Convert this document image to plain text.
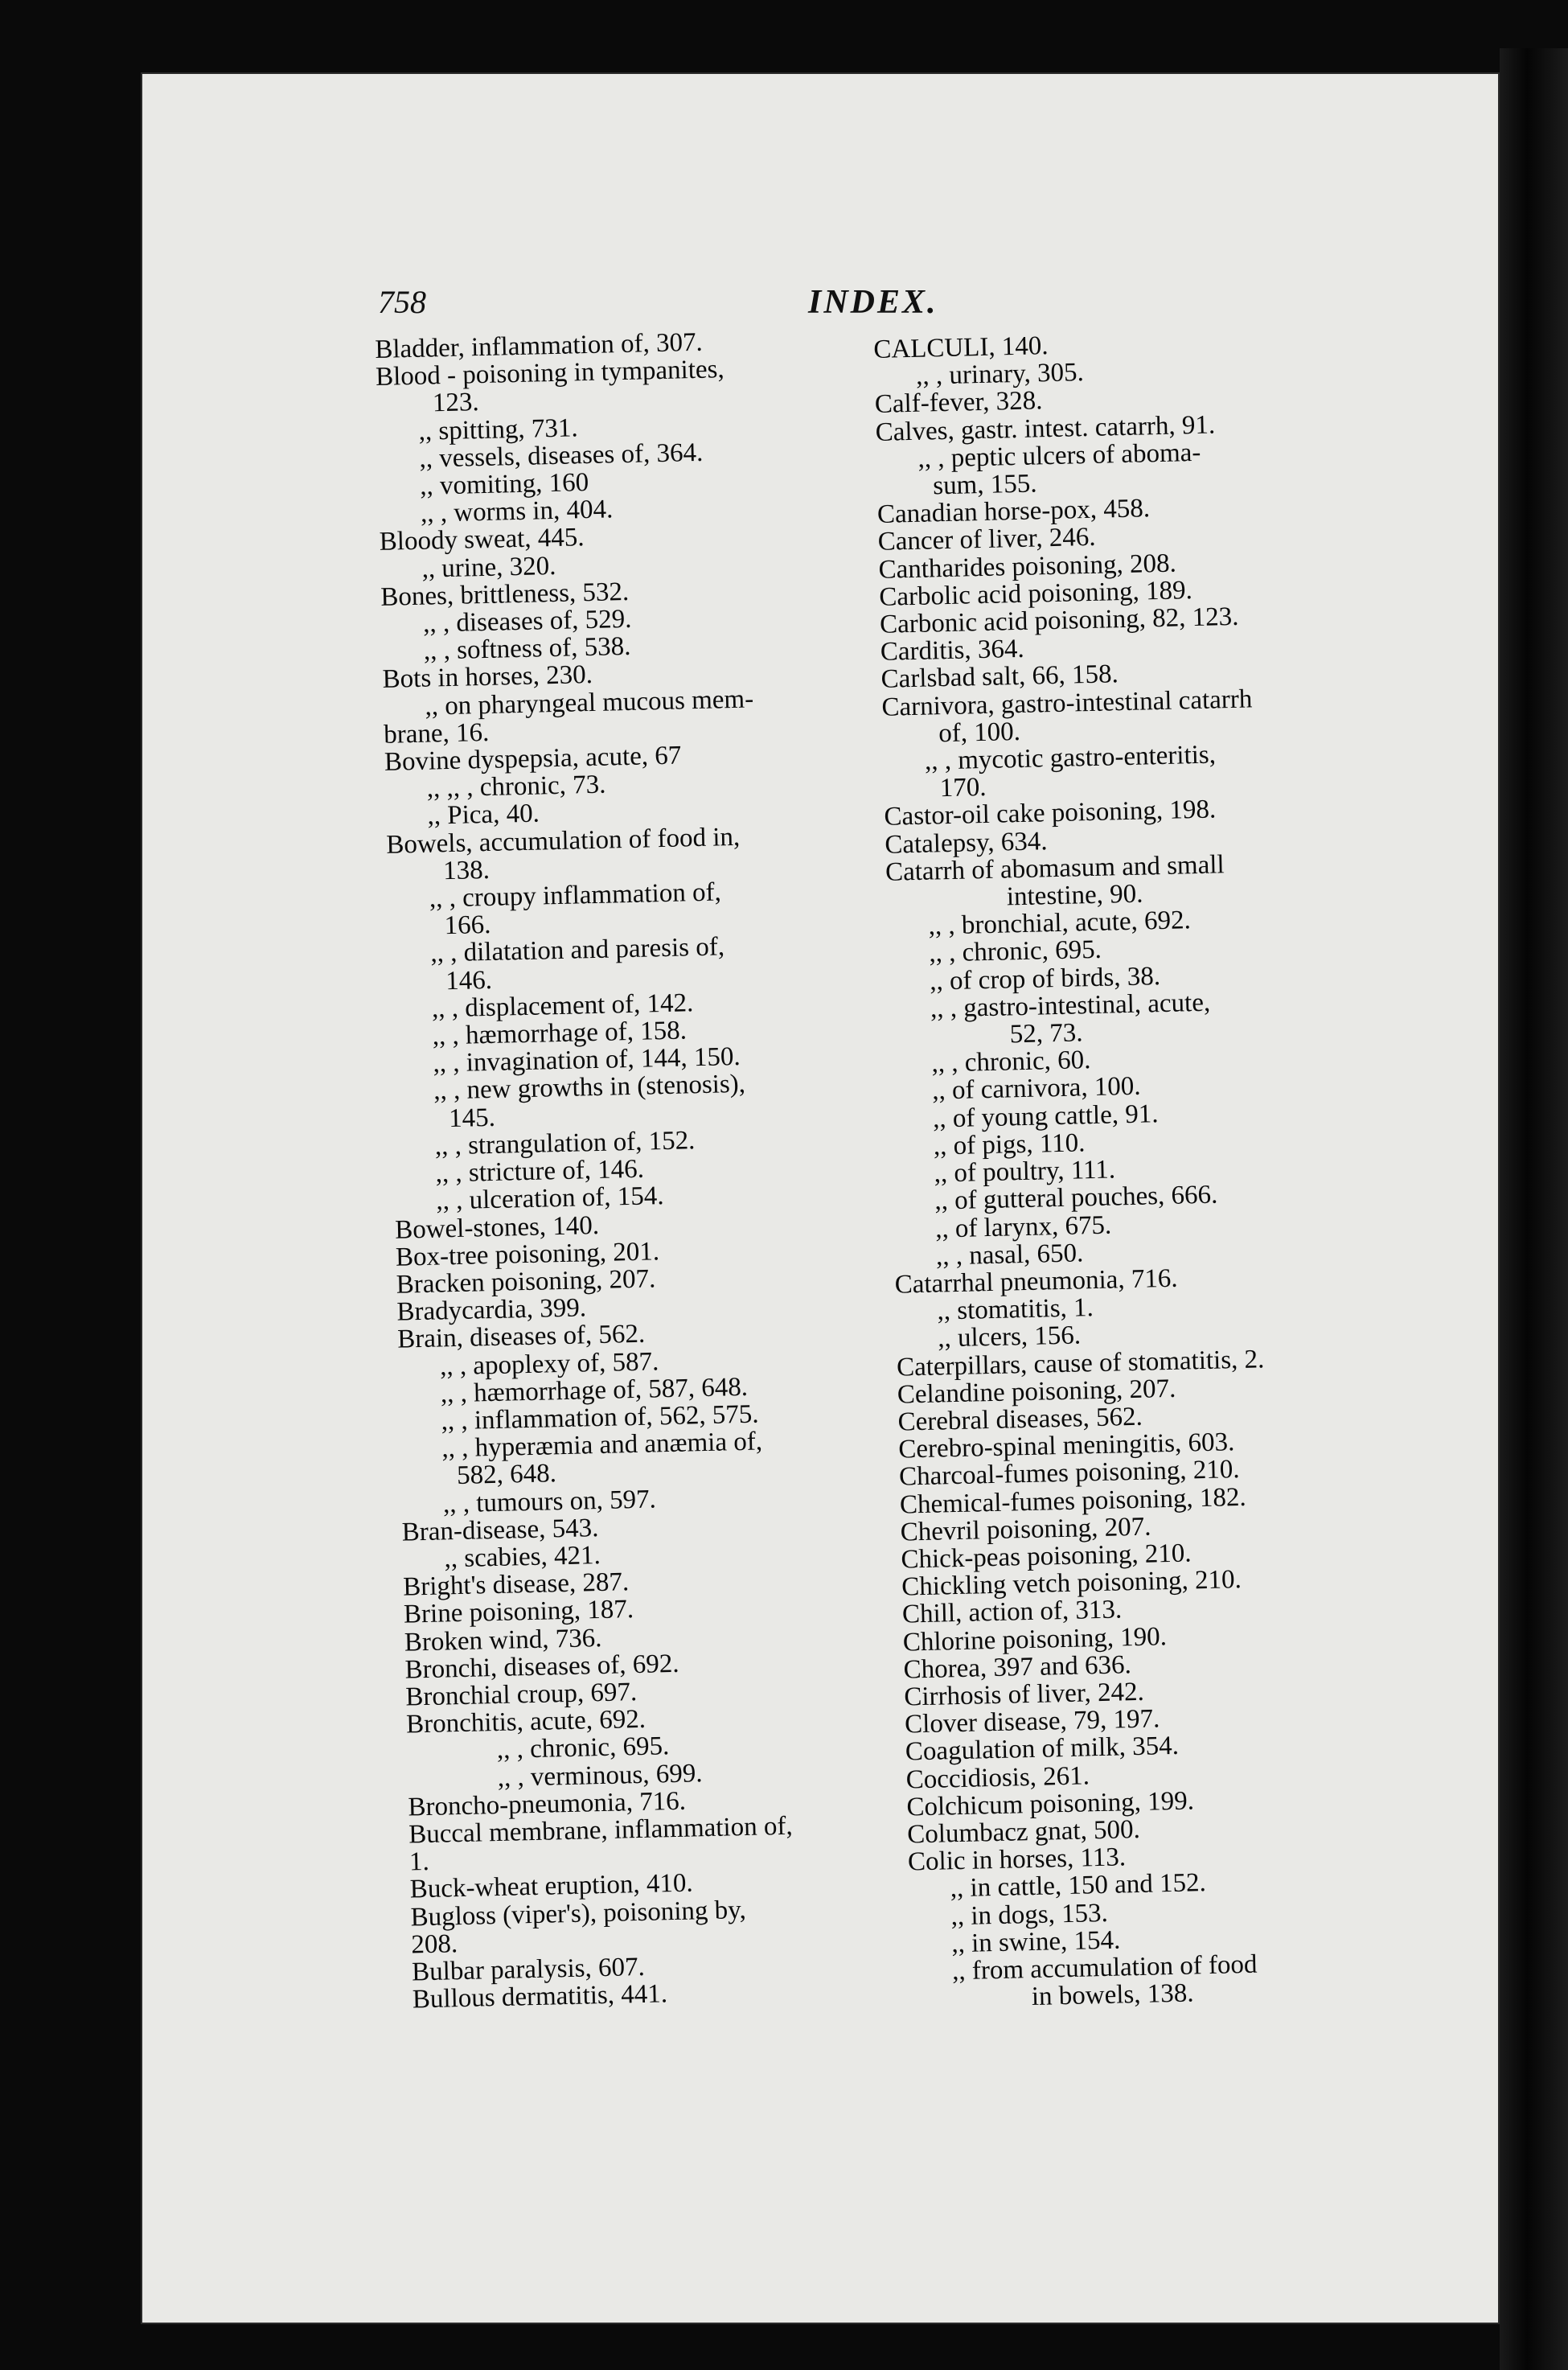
758	INDEX.

Bladder, inflammation of, 307.

Blood - poisoning in tympanites,

123.

,, spitting, 731.

,, vessels, diseases of, 364.

,, vomiting, 160

,, , worms in, 404.

Bloody sweat, 445.

,, urine, 320.

Bones, brittleness, 532.

,, , diseases of, 529.

,, , softness of, 538.

Bots in horses, 230.

,, on pharyngeal mucous mem-

brane, 16.

Bovine dyspepsia, acute, 67

,, ,, , chronic, 73.

,, Pica, 40.

Bowels, accumulation of food in,

138.

,, , croupy inflammation of,

166.

,, , dilatation and paresis of,

146.

,, , displacement of, 142.

,, , hæmorrhage of, 158.

,, , invagination of, 144, 150.

,, , new growths in (stenosis),

145.

,, , strangulation of, 152.

,, , stricture of, 146.

,, , ulceration of, 154.

Bowel-stones, 140.

Box-tree poisoning, 201.

Bracken poisoning, 207.

Bradycardia, 399.

Brain, diseases of, 562.

,, , apoplexy of, 587.

,, , hæmorrhage of, 587, 648.

,, , inflammation of, 562, 575.

,, , hyperæmia and anæmia of,

582, 648.

,, , tumours on, 597.

Bran-disease, 543.

,, scabies, 421.

Bright's disease, 287.

Brine poisoning, 187.

Broken wind, 736.

Bronchi, diseases of, 692.

Bronchial croup, 697.

Bronchitis, acute, 692.

,, , chronic, 695.

,, , verminous, 699.

Broncho-pneumonia, 716.

Buccal membrane, inflammation of,

1.

Buck-wheat eruption, 410.

Bugloss (viper's), poisoning by,

208.

Bulbar paralysis, 607.

Bullous dermatitis, 441.

CALCULI, 140.

,, , urinary, 305.

Calf-fever, 328.

Calves, gastr. intest. catarrh, 91.

,, , peptic ulcers of aboma-

sum, 155.

Canadian horse-pox, 458.

Cancer of liver, 246.

Cantharides poisoning, 208.

Carbolic acid poisoning, 189.

Carbonic acid poisoning, 82, 123.

Carditis, 364.

Carlsbad salt, 66, 158.

Carnivora, gastro-intestinal catarrh

of, 100.

,, , mycotic gastro-enteritis,

170.

Castor-oil cake poisoning, 198.

Catalepsy, 634.

Catarrh of abomasum and small

intestine, 90.

,, , bronchial, acute, 692.

,, , chronic, 695.

,, of crop of birds, 38.

,, , gastro-intestinal, acute,

52, 73.

,, , chronic, 60.

,, of carnivora, 100.

,, of young cattle, 91.

,, of pigs, 110.

,, of poultry, 111.

,, of gutteral pouches, 666.

,, of larynx, 675.

,, , nasal, 650.

Catarrhal pneumonia, 716.

,, stomatitis, 1.

,, ulcers, 156.

Caterpillars, cause of stomatitis, 2.

Celandine poisoning, 207.

Cerebral diseases, 562.

Cerebro-spinal meningitis, 603.

Charcoal-fumes poisoning, 210.

Chemical-fumes poisoning, 182.

Chevril poisoning, 207.

Chick-peas poisoning, 210.

Chickling vetch poisoning, 210.

Chill, action of, 313.

Chlorine poisoning, 190.

Chorea, 397 and 636.

Cirrhosis of liver, 242.

Clover disease, 79, 197.

Coagulation of milk, 354.

Coccidiosis, 261.

Colchicum poisoning, 199.

Columbacz gnat, 500.

Colic in horses, 113.

,, in cattle, 150 and 152.

,, in dogs, 153.

,, in swine, 154.

,, from accumulation of food

in bowels, 138.
